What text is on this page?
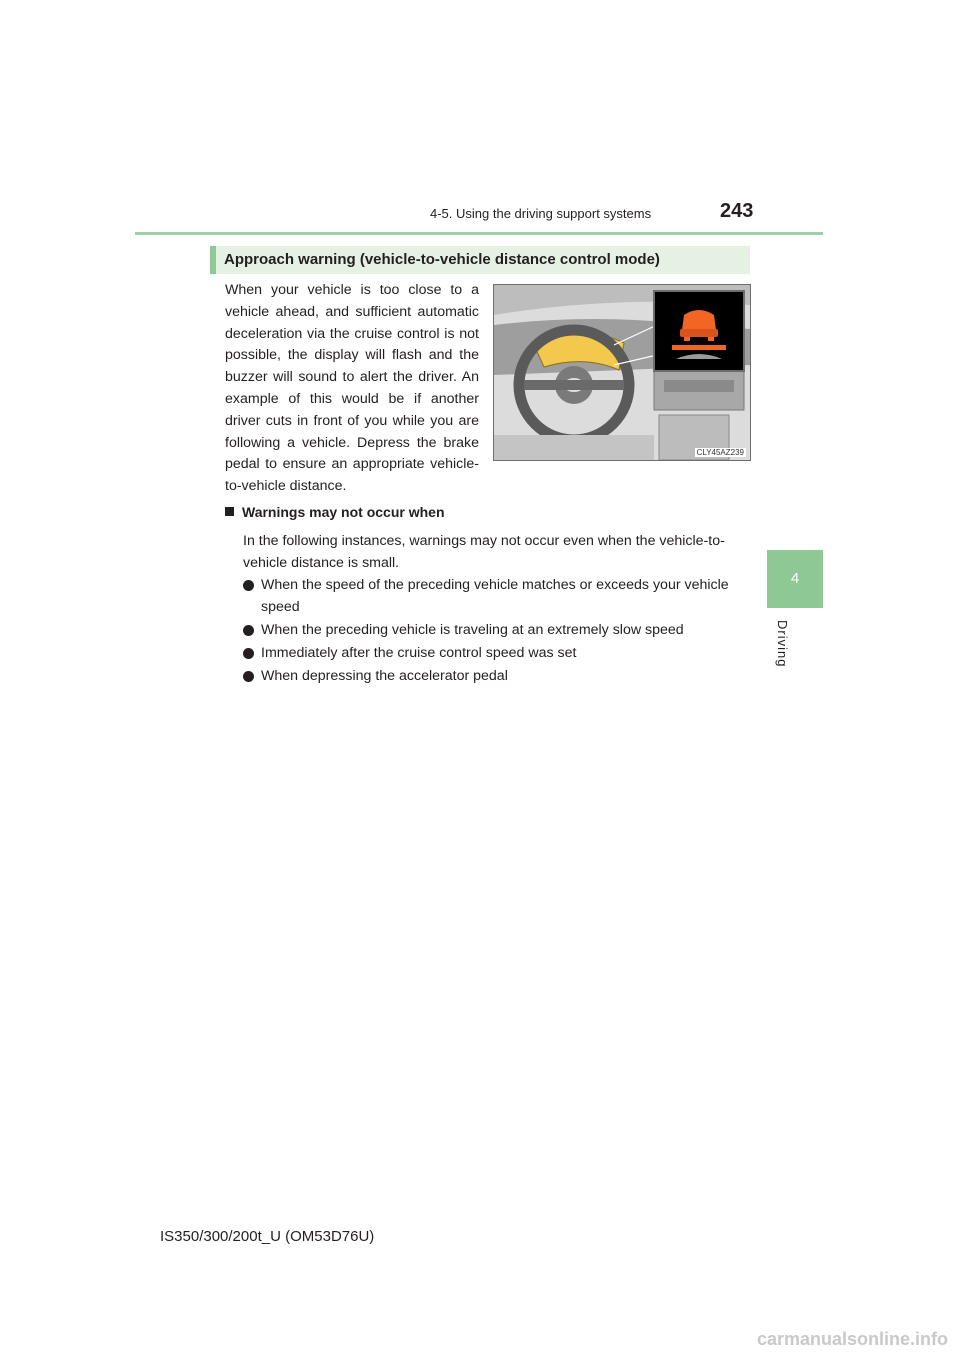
4-5. Using the driving support systems	243
4
Driving
Approach warning (vehicle-to-vehicle distance control mode)
When your vehicle is too close to a vehicle ahead, and sufficient automatic deceleration via the cruise control is not possible, the display will flash and the buzzer will sound to alert the driver. An example of this would be if another driver cuts in front of you while you are following a vehicle. Depress the brake pedal to ensure an appropriate vehicle-to-vehicle distance.
CLY45AZ239
Warnings may not occur when
In the following instances, warnings may not occur even when the vehicle-to-vehicle distance is small.
When the speed of the preceding vehicle matches or exceeds your vehicle speed
When the preceding vehicle is traveling at an extremely slow speed
Immediately after the cruise control speed was set
When depressing the accelerator pedal
IS350/300/200t_U (OM53D76U)
carmanualsonline.info
